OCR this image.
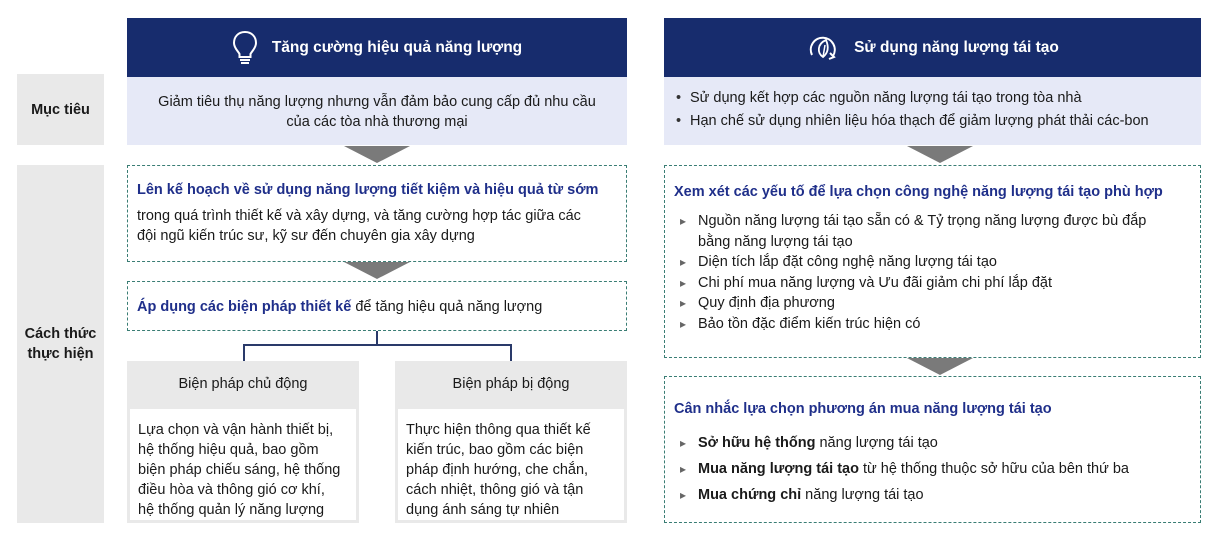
Mục tiêu
Cách thức
thực hiện
Tăng cường hiệu quả năng lượng
Giảm tiêu thụ năng lượng nhưng vẫn đảm bảo cung cấp đủ nhu cầu
của các tòa nhà thương mại
Lên kế hoạch về sử dụng năng lượng tiết kiệm và hiệu quả từ sớm
trong quá trình thiết kế và xây dựng, và tăng cường hợp tác giữa các
đội ngũ kiến trúc sư, kỹ sư đến chuyên gia xây dựng
Áp dụng các biện pháp thiết kế để tăng hiệu quả năng lượng
Biện pháp chủ động
Lựa chọn và vận hành thiết bị,
hệ thống hiệu quả, bao gồm
biện pháp chiếu sáng, hệ thống
điều hòa và thông gió cơ khí,
hệ thống quản lý năng lượng
Biện pháp bị động
Thực hiện thông qua thiết kế
kiến trúc, bao gồm các biện
pháp định hướng, che chắn,
cách nhiệt, thông gió và tận
dụng ánh sáng tự nhiên
Sử dụng năng lượng tái tạo
• Sử dụng kết hợp các nguồn năng lượng tái tạo trong tòa nhà
• Hạn chế sử dụng nhiên liệu hóa thạch để giảm lượng phát thải các-bon
Xem xét các yếu tố để lựa chọn công nghệ năng lượng tái tạo phù hợp
▸ Nguồn năng lượng tái tạo sẵn có & Tỷ trọng năng lượng được bù đắp
bằng năng lượng tái tạo
▸ Diện tích lắp đặt công nghệ năng lượng tái tạo
▸ Chi phí mua năng lượng và Ưu đãi giảm chi phí lắp đặt
▸ Quy định địa phương
▸ Bảo tồn đặc điểm kiến trúc hiện có
Cân nhắc lựa chọn phương án mua năng lượng tái tạo
▸ Sở hữu hệ thống năng lượng tái tạo
▸ Mua năng lượng tái tạo từ hệ thống thuộc sở hữu của bên thứ ba
▸ Mua chứng chỉ năng lượng tái tạo
